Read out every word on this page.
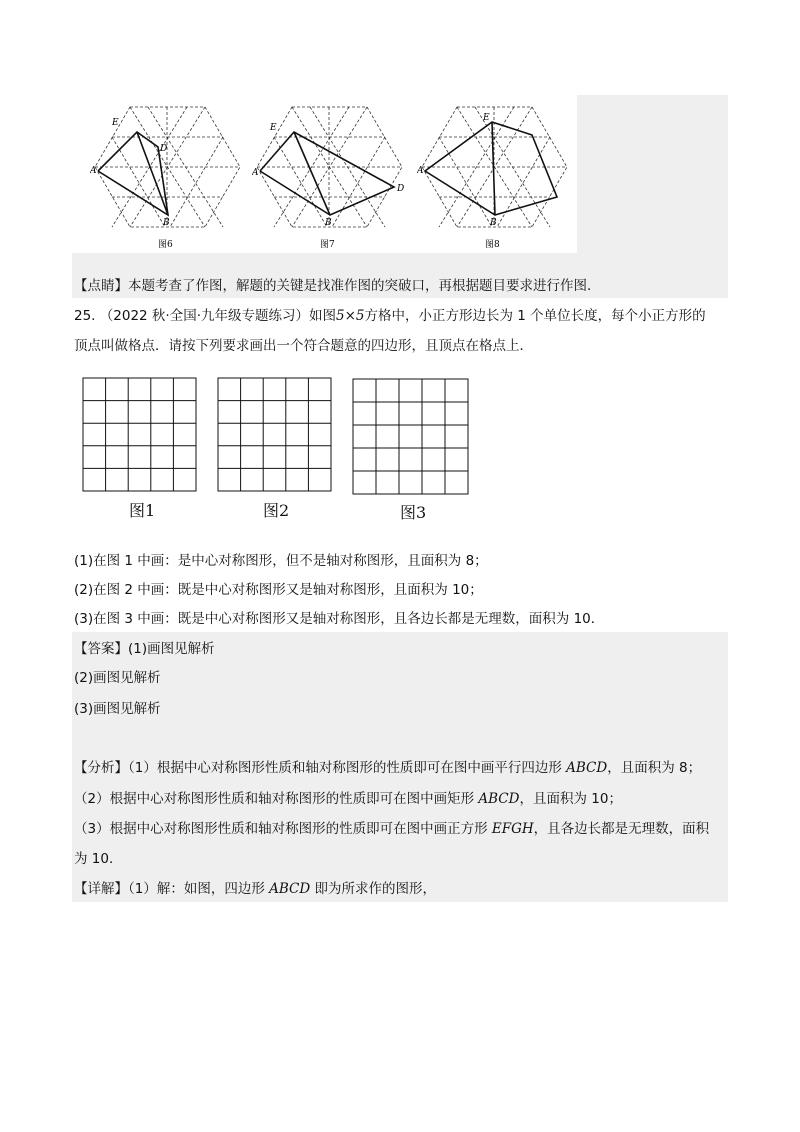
E
A
D
B
图6
E
A
D
B
图7
E
A
B
图8
【点睛】本题考查了作图，解题的关键是找准作图的突破口，再根据题目要求进行作图．
25. （2022 秋·全国·九年级专题练习）如图5×5方格中，小正方形边长为 1 个单位长度，每个小正方形的
顶点叫做格点．请按下列要求画出一个符合题意的四边形，且顶点在格点上．
图1	图2	图3
(1)在图 1 中画：是中心对称图形，但不是轴对称图形，且面积为 8；
(2)在图 2 中画：既是中心对称图形又是轴对称图形，且面积为 10；
(3)在图 3 中画：既是中心对称图形又是轴对称图形，且各边长都是无理数，面积为 10．
【答案】(1)画图见解析
(2)画图见解析
(3)画图见解析
【分析】（1）根据中心对称图形性质和轴对称图形的性质即可在图中画平行四边形 ABCD，且面积为 8；
（2）根据中心对称图形性质和轴对称图形的性质即可在图中画矩形 ABCD，且面积为 10；
（3）根据中心对称图形性质和轴对称图形的性质即可在图中画正方形 EFGH，且各边长都是无理数，面积
为 10．
【详解】（1）解：如图，四边形 ABCD 即为所求作的图形，
